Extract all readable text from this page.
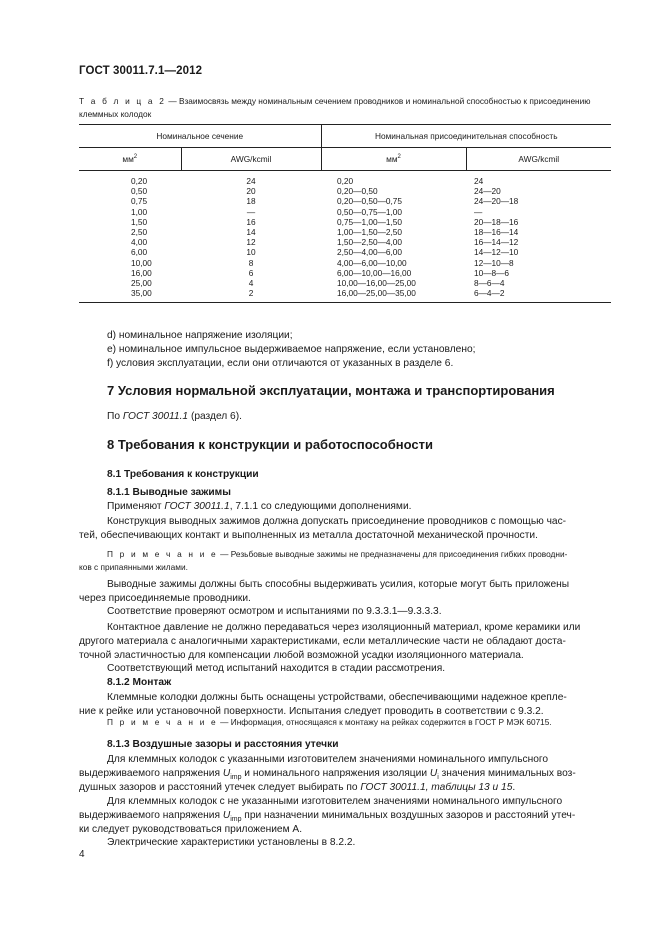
ГОСТ 30011.7.1—2012
Т а б л и ц а 2 — Взаимосвязь между номинальным сечением проводников и номинальной способностью к присоединению клеммных колодок
Номинальное сечение		Номинальная присоединительная способность	
$мм^2$	AWG/kcmil	$мм^2$	AWG/kcmil
0,20	24	0,20	24
0,50	20	0,20—0,50	24—20
0,75	18	0,20—0,50—0,75	24—20—18
1,00	—	0,50—0,75—1,00	—
1,50	16	0,75—1,00—1,50	20—18—16
2,50	14	1,00—1,50—2,50	18—16—14
4,00	12	1,50—2,50—4,00	16—14—12
6,00	10	2,50—4,00—6,00	14—12—10
10,00	8	4,00—6,00—10,00	12—10—8
16,00	6	6,00—10,00—16,00	10—8—6
25,00	4	10,00—16,00—25,00	8—6—4
35,00	2	16,00—25,00—35,00	6—4—2
d) номинальное напряжение изоляции;
e) номинальное импульсное выдерживаемое напряжение, если установлено;
f) условия эксплуатации, если они отличаются от указанных в разделе 6.
7 Условия нормальной эксплуатации, монтажа и транспортирования
По ГОСТ 30011.1 (раздел 6).
8 Требования к конструкции и работоспособности
8.1 Требования к конструкции
8.1.1 Выводные зажимы
Применяют ГОСТ 30011.1, 7.1.1 со следующими дополнениями.
Конструкция выводных зажимов должна допускать присоединение проводников с помощью час-
тей, обеспечивающих контакт и выполненных из металла достаточной механической прочности.
П р и м е ч а н и е — Резьбовые выводные зажимы не предназначены для присоединения гибких проводни-
ков с припаянными жилами.
Выводные зажимы должны быть способны выдерживать усилия, которые могут быть приложены
через присоединяемые проводники.
Соответствие проверяют осмотром и испытаниями по 9.3.3.1—9.3.3.3.
Контактное давление не должно передаваться через изоляционный материал, кроме керамики или
другого материала с аналогичными характеристиками, если металлические части не обладают доста-
точной эластичностью для компенсации любой возможной усадки изоляционного материала.
Соответствующий метод испытаний находится в стадии рассмотрения.
8.1.2 Монтаж
Клеммные колодки должны быть оснащены устройствами, обеспечивающими надежное крепле-
ние к рейке или установочной поверхности. Испытания следует проводить в соответствии с 9.3.2.
П р и м е ч а н и е — Информация, относящаяся к монтажу на рейках содержится в ГОСТ Р МЭК 60715.
8.1.3 Воздушные зазоры и расстояния утечки
Для клеммных колодок с указанными изготовителем значениями номинального импульсного
выдерживаемого напряжения $U_{imp}$ и номинального напряжения изоляции $U_i$ значения минимальных воз-
душных зазоров и расстояний утечек следует выбирать по ГОСТ 30011.1, таблицы 13 и 15.
Для клеммных колодок с не указанными изготовителем значениями номинального импульсного
выдерживаемого напряжения $U_{imp}$ при назначении минимальных воздушных зазоров и расстояний утеч-
ки следует руководствоваться приложением А.
Электрические характеристики установлены в 8.2.2.
4
